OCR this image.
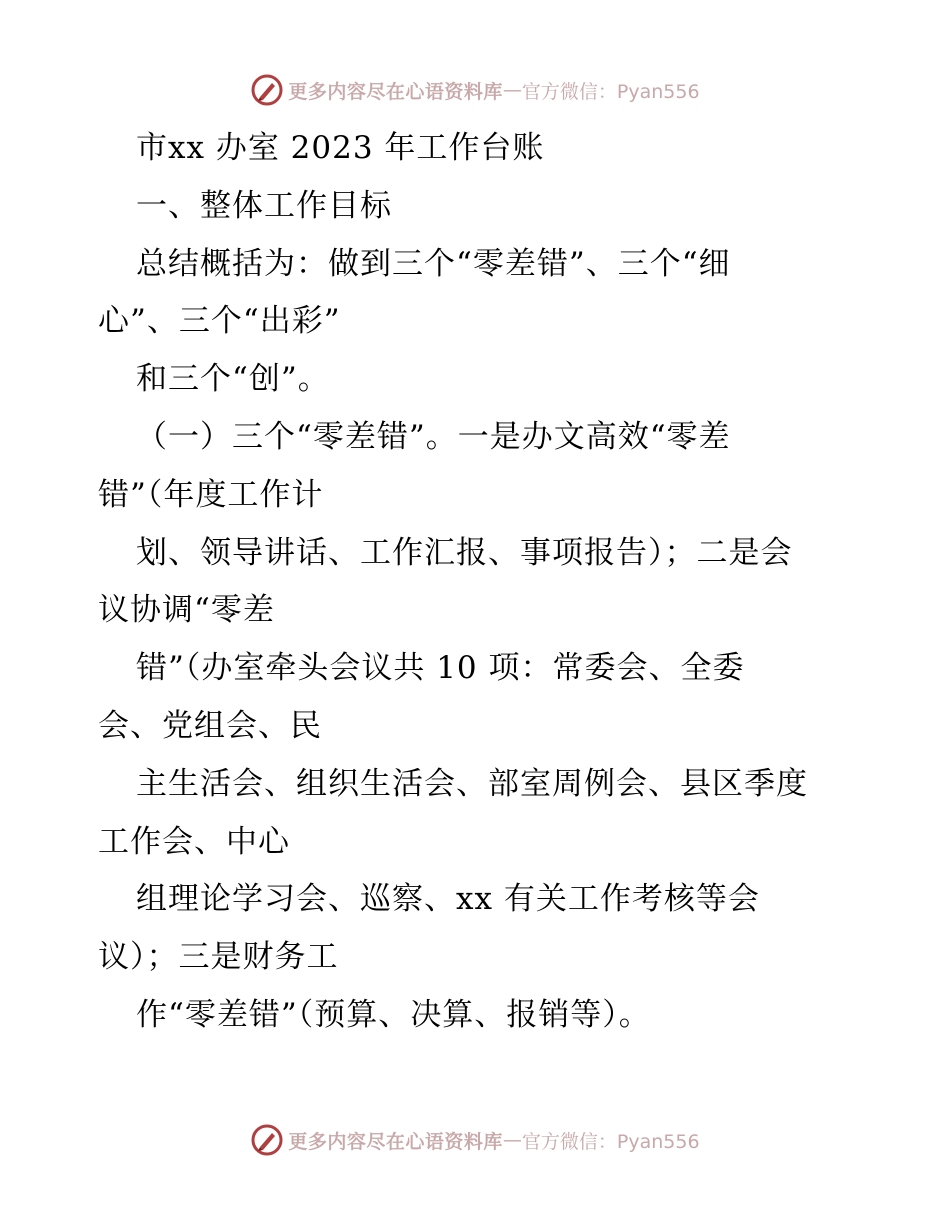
更多内容尽在心语资料库 — 官方微信：Pyan556
市xx 办室 2023 年工作台账
一、整体工作目标
总结概括为：做到三个“零差错”、三个“细
心”、三个“出彩”
和三个“创”。
（一）三个“零差错”。一是办文高效“零差
错”（年度工作计
划、领导讲话、工作汇报、事项报告）；二是会
议协调“零差
错”（办室牵头会议共 10 项：常委会、全委
会、党组会、民
主生活会、组织生活会、部室周例会、县区季度
工作会、中心
组理论学习会、巡察、xx 有关工作考核等会
议）；三是财务工
作“零差错”（预算、决算、报销等）。
更多内容尽在心语资料库 — 官方微信：Pyan556
